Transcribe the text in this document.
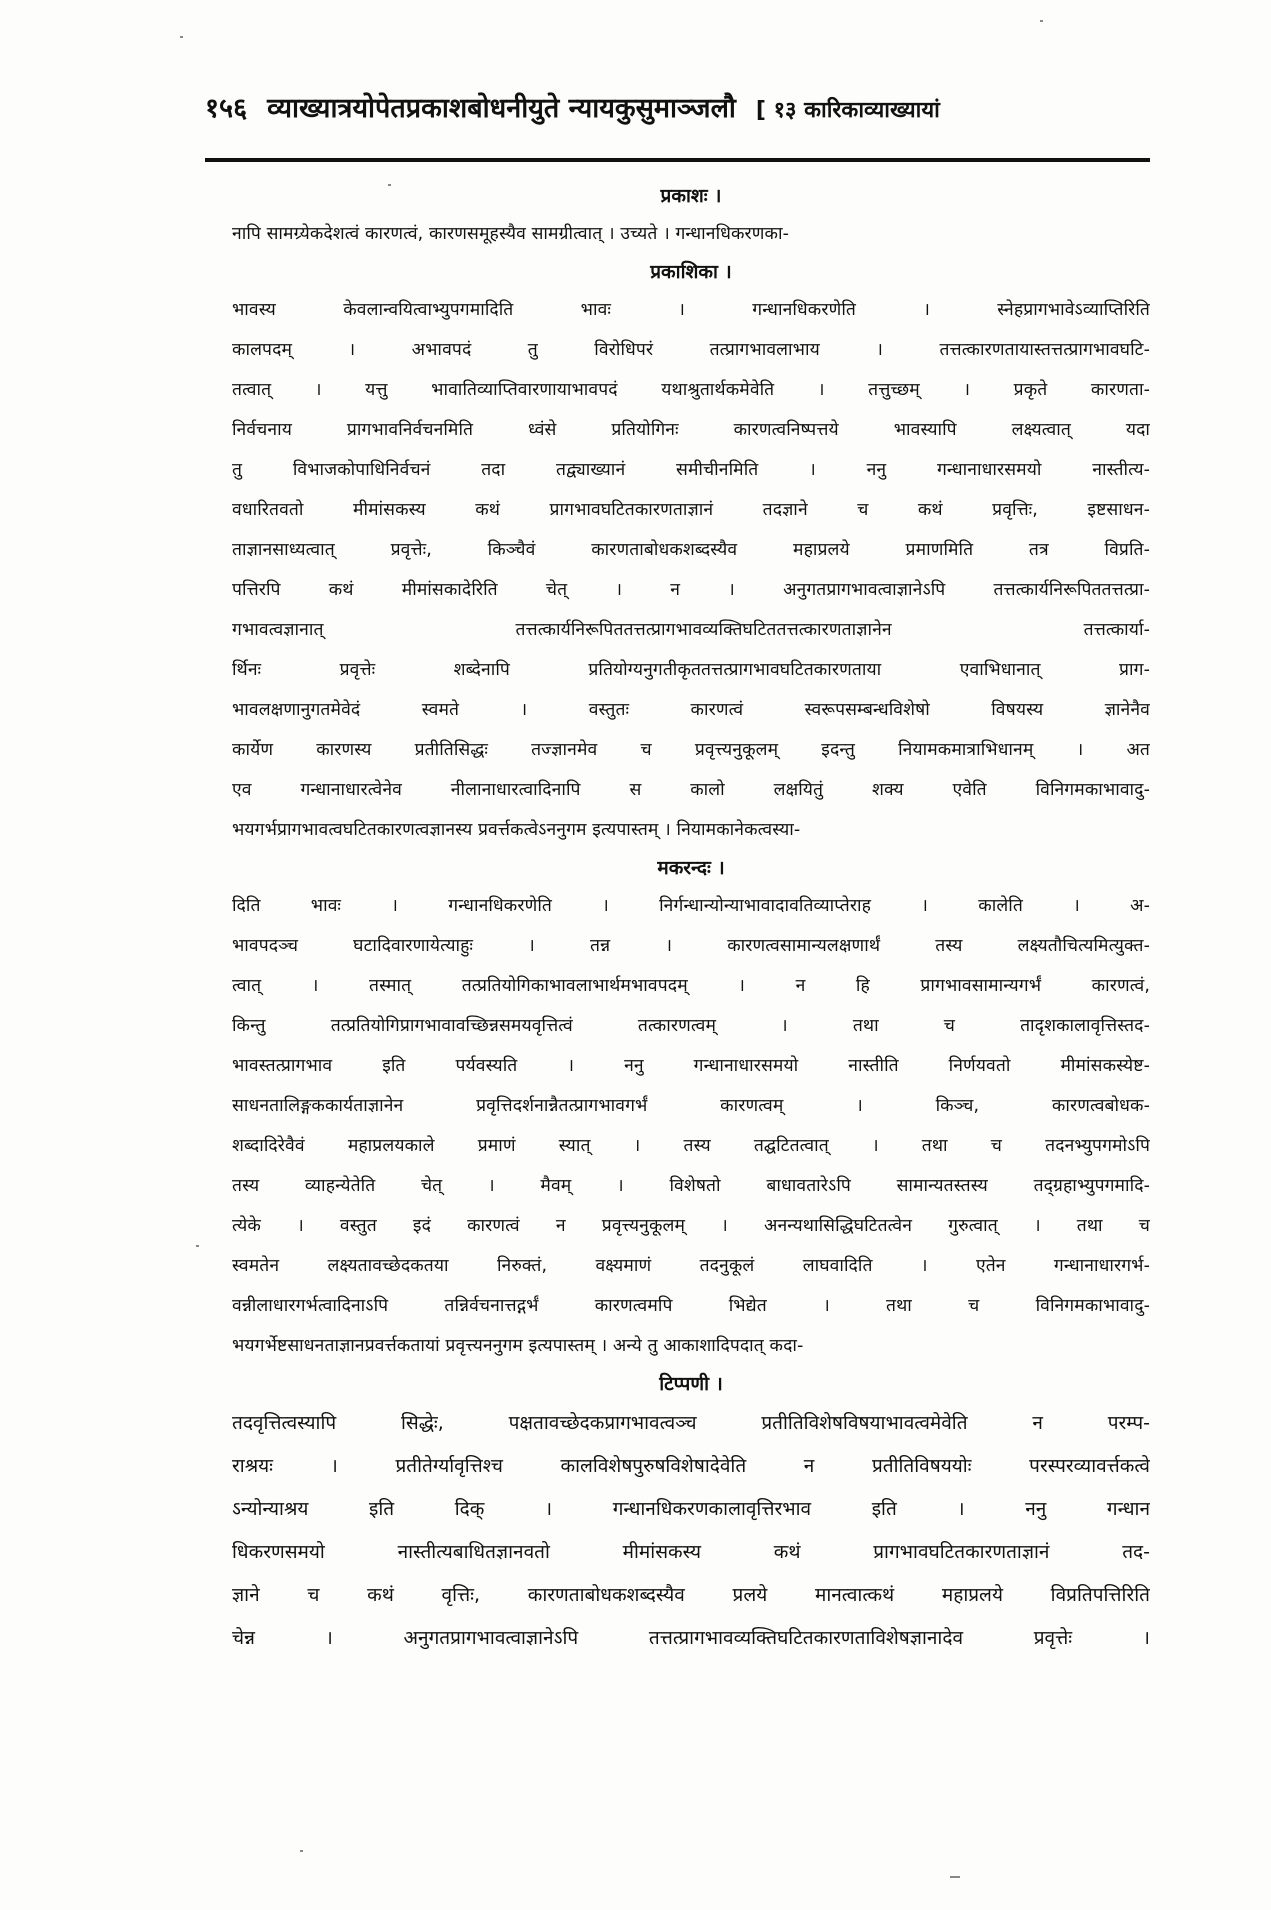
१५६ व्याख्यात्रयोपेतप्रकाशबोधनीयुते न्यायकुसुमाञ्जलौ [ १३ कारिकाव्याख्यायां
प्रकाशः ।
नापि सामग्र्येकदेशत्वं कारणत्वं, कारणसमूहस्यैव सामग्रीत्वात् । उच्यते । गन्धानधिकरणका-
प्रकाशिका ।
भावस्य केवलान्वयित्वाभ्युपगमादिति भावः । गन्धानधिकरणेति । स्नेहप्रागभावेऽव्याप्तिरिति
कालपदम् । अभावपदं तु विरोधिपरं तत्प्रागभावलाभाय । तत्तत्कारणतायास्तत्तत्प्रागभावघटि-
तत्वात् । यत्तु भावातिव्याप्तिवारणायाभावपदं यथाश्रुतार्थकमेवेति । तत्तुच्छम् । प्रकृते कारणता-
निर्वचनाय प्रागभावनिर्वचनमिति ध्वंसे प्रतियोगिनः कारणत्वनिष्पत्तये भावस्यापि लक्ष्यत्वात् यदा
तु विभाजकोपाधिनिर्वचनं तदा तद्व्याख्यानं समीचीनमिति । ननु गन्धानाधारसमयो नास्तीत्य-
वधारितवतो मीमांसकस्य कथं प्रागभावघटितकारणताज्ञानं तदज्ञाने च कथं प्रवृत्तिः, इष्टसाधन-
ताज्ञानसाध्यत्वात् प्रवृत्तेः, किञ्चैवं कारणताबोधकशब्दस्यैव महाप्रलये प्रमाणमिति तत्र विप्रति-
पत्तिरपि कथं मीमांसकादेरिति चेत् । न । अनुगतप्रागभावत्वाज्ञानेऽपि तत्तत्कार्यनिरूपिततत्तत्प्रा-
गभावत्वज्ञानात् तत्तत्कार्यनिरूपिततत्तत्प्रागभावव्यक्तिघटिततत्तत्कारणताज्ञानेन तत्तत्कार्या-
र्थिनः प्रवृत्तेः शब्देनापि प्रतियोग्यनुगतीकृततत्तत्प्रागभावघटितकारणताया एवाभिधानात् प्राग-
भावलक्षणानुगतमेवेदं स्वमते । वस्तुतः कारणत्वं स्वरूपसम्बन्धविशेषो विषयस्य ज्ञानेनैव
कार्येण कारणस्य प्रतीतिसिद्धः तज्ज्ञानमेव च प्रवृत्त्यनुकूलम् इदन्तु नियामकमात्राभिधानम् । अत
एव गन्धानाधारत्वेनेव नीलानाधारत्वादिनापि स कालो लक्षयितुं शक्य एवेति विनिगमकाभावादु-
भयगर्भप्रागभावत्वघटितकारणत्वज्ञानस्य प्रवर्त्तकत्वेऽननुगम इत्यपास्तम् । नियामकानेकत्वस्या-
मकरन्दः ।
दिति भावः । गन्धानधिकरणेति । निर्गन्धान्योन्याभावादावतिव्याप्तेराह । कालेति । अ-
भावपदञ्च घटादिवारणायेत्याहुः । तन्न । कारणत्वसामान्यलक्षणार्थं तस्य लक्ष्यतौचित्यमित्युक्त-
त्वात् । तस्मात् तत्प्रतियोगिकाभावलाभार्थमभावपदम् । न हि प्रागभावसामान्यगर्भं कारणत्वं,
किन्तु तत्प्रतियोगिप्रागभावावच्छिन्नसमयवृत्तित्वं तत्कारणत्वम् । तथा च तादृशकालावृत्तिस्तद-
भावस्तत्प्रागभाव इति पर्यवस्यति । ननु गन्धानाधारसमयो नास्तीति निर्णयवतो मीमांसकस्येष्ट-
साधनतालिङ्गककार्यताज्ञानेन प्रवृत्तिदर्शनान्नैतत्प्रागभावगर्भं कारणत्वम् । किञ्च, कारणत्वबोधक-
शब्दादिरेवैवं महाप्रलयकाले प्रमाणं स्यात् । तस्य तद्घटितत्वात् । तथा च तदनभ्युपगमोऽपि
तस्य व्याहन्येतेति चेत् । मैवम् । विशेषतो बाधावतारेऽपि सामान्यतस्तस्य तद्ग्रहाभ्युपगमादि-
त्येके । वस्तुत इदं कारणत्वं न प्रवृत्त्यनुकूलम् । अनन्यथासिद्धिघटितत्वेन गुरुत्वात् । तथा च
स्वमतेन लक्ष्यतावच्छेदकतया निरुक्तं, वक्ष्यमाणं तदनुकूलं लाघवादिति । एतेन गन्धानाधारगर्भ-
वन्नीलाधारगर्भत्वादिनाऽपि तन्निर्वचनात्तद्गर्भं कारणत्वमपि भिद्येत । तथा च विनिगमकाभावादु-
भयगर्भेष्टसाधनताज्ञानप्रवर्त्तकतायां प्रवृत्त्यननुगम इत्यपास्तम् । अन्ये तु आकाशादिपदात् कदा-
टिप्पणी ।
तदवृत्तित्वस्यापि सिद्धेः, पक्षतावच्छेदकप्रागभावत्वञ्च प्रतीतिविशेषविषयाभावत्वमेवेति न परम्प-
राश्रयः । प्रतीतेर्ग्यावृत्तिश्च कालविशेषपुरुषविशेषादेवेति न प्रतीतिविषययोः परस्परव्यावर्त्तकत्वे
ऽन्योन्याश्रय इति दिक् । गन्धानधिकरणकालावृत्तिरभाव इति । ननु गन्धान
धिकरणसमयो नास्तीत्यबाधितज्ञानवतो मीमांसकस्य कथं प्रागभावघटितकारणताज्ञानं तद-
ज्ञाने च कथं वृत्तिः, कारणताबोधकशब्दस्यैव प्रलये मानत्वात्कथं महाप्रलये विप्रतिपत्तिरिति
चेन्न । अनुगतप्रागभावत्वाज्ञानेऽपि तत्तत्प्रागभावव्यक्तिघटितकारणताविशेषज्ञानादेव प्रवृत्तेः ।
